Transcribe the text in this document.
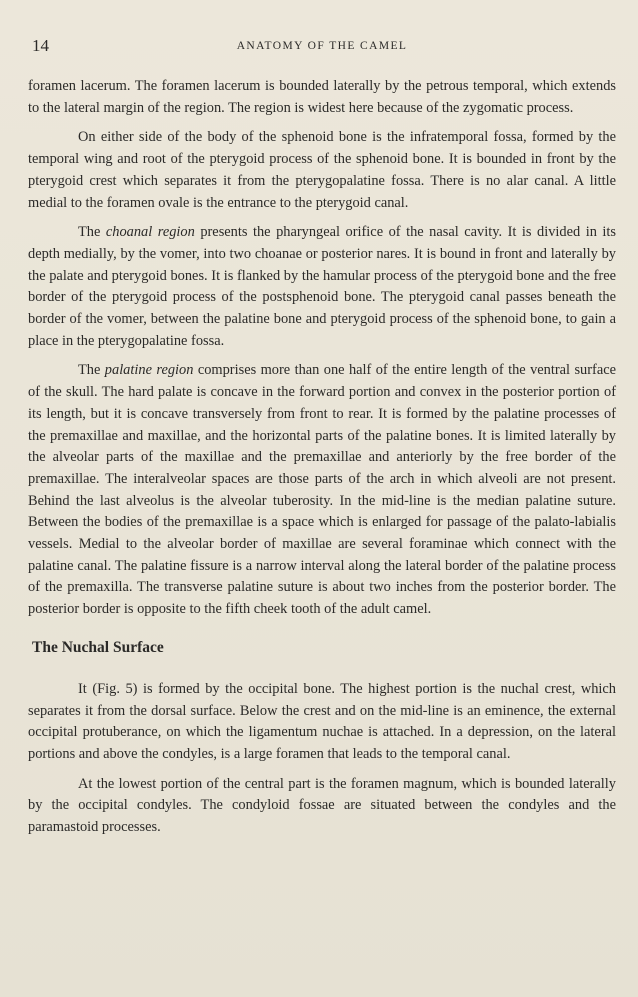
14	ANATOMY OF THE CAMEL

foramen lacerum. The foramen lacerum is bounded laterally by the petrous temporal, which extends to the lateral margin of the region. The region is widest here because of the zygomatic process.

On either side of the body of the sphenoid bone is the infratemporal fossa, formed by the temporal wing and root of the pterygoid process of the sphenoid bone. It is bounded in front by the pterygoid crest which separates it from the pterygopalatine fossa. There is no alar canal. A little medial to the foramen ovale is the entrance to the pterygoid canal.

The choanal region presents the pharyngeal orifice of the nasal cavity. It is divided in its depth medially, by the vomer, into two choanae or posterior nares. It is bound in front and laterally by the palate and pterygoid bones. It is flanked by the hamular process of the pterygoid bone and the free border of the pterygoid process of the postsphenoid bone. The pterygoid canal passes beneath the border of the vomer, between the palatine bone and pterygoid process of the sphenoid bone, to gain a place in the pterygopalatine fossa.

The palatine region comprises more than one half of the entire length of the ventral surface of the skull. The hard palate is concave in the forward portion and convex in the posterior portion of its length, but it is concave transversely from front to rear. It is formed by the palatine processes of the premaxillae and maxillae, and the horizontal parts of the palatine bones. It is limited laterally by the alveolar parts of the maxillae and the premaxillae and anteriorly by the free border of the premaxillae. The interalveolar spaces are those parts of the arch in which alveoli are not present. Behind the last alveolus is the alveolar tuberosity. In the mid-line is the median palatine suture. Between the bodies of the premaxillae is a space which is enlarged for passage of the palato-labialis vessels. Medial to the alveolar border of maxillae are several foraminae which connect with the palatine canal. The palatine fissure is a narrow interval along the lateral border of the palatine process of the premaxilla. The transverse palatine suture is about two inches from the posterior border. The posterior border is opposite to the fifth cheek tooth of the adult camel.

The Nuchal Surface

It (Fig. 5) is formed by the occipital bone. The highest portion is the nuchal crest, which separates it from the dorsal surface. Below the crest and on the mid-line is an eminence, the external occipital protuberance, on which the ligamentum nuchae is attached. In a depression, on the lateral portions and above the condyles, is a large foramen that leads to the temporal canal.

At the lowest portion of the central part is the foramen magnum, which is bounded laterally by the occipital condyles. The condyloid fossae are situated between the condyles and the paramastoid processes.
